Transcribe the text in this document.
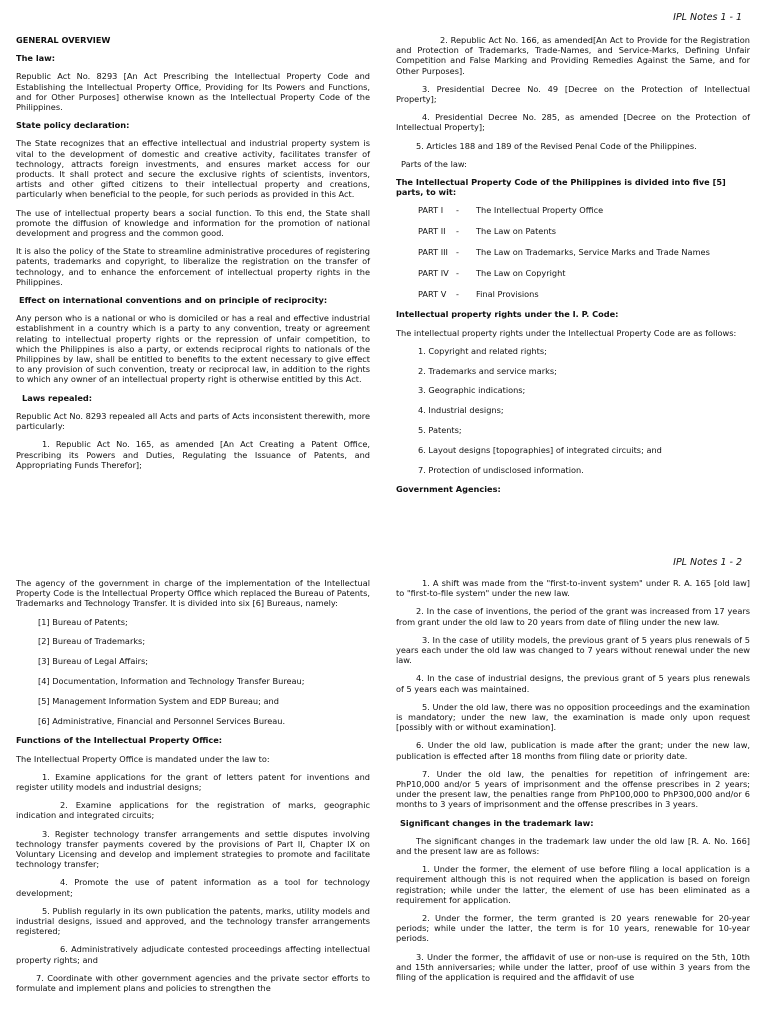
IPL Notes 1 - 1
GENERAL OVERVIEW
The law:

Republic Act No. 8293 [An Act Prescribing the Intellectual Property Code and Establishing the Intellectual Property Office, Providing for Its Powers and Functions, and for Other Purposes] otherwise known as the Intellectual Property Code of the Philippines.

State policy declaration:

The State recognizes that an effective intellectual and industrial property system is vital to the development of domestic and creative activity, facilitates transfer of technology, attracts foreign investments, and ensures market access for our products. It shall protect and secure the exclusive rights of scientists, inventors, artists and other gifted citizens to their intellectual property and creations, particularly when beneficial to the people, for such periods as provided in this Act.

The use of intellectual property bears a social function. To this end, the State shall promote the diffusion of knowledge and information for the promotion of national development and progress and the common good.

It is also the policy of the State to streamline administrative procedures of registering patents, trademarks and copyright, to liberalize the registration on the transfer of technology, and to enhance the enforcement of intellectual property rights in the Philippines.

Effect on international conventions and on principle of reciprocity:

Any person who is a national or who is domiciled or has a real and effective industrial establishment in a country which is a party to any convention, treaty or agreement relating to intellectual property rights or the repression of unfair competition, to which the Philippines is also a party, or extends reciprocal rights to nationals of the Philippines by law, shall be entitled to benefits to the extent necessary to give effect to any provision of such convention, treaty or reciprocal law, in addition to the rights to which any owner of an intellectual property right is otherwise entitled by this Act.

Laws repealed:

Republic Act No. 8293 repealed all Acts and parts of Acts inconsistent therewith, more particularly:

1. Republic Act No. 165, as amended [An Act Creating a Patent Office, Prescribing its Powers and Duties, Regulating the Issuance of Patents, and Appropriating Funds Therefor];

2. Republic Act No. 166, as amended[An Act to Provide for the Registration and Protection of Trademarks, Trade-Names, and Service-Marks, Defining Unfair Competition and False Marking and Providing Remedies Against the Same, and for Other Purposes].

3. Presidential Decree No. 49 [Decree on the Protection of Intellectual Property];

4. Presidential Decree No. 285, as amended [Decree on the Protection of Intellectual Property];

5. Articles 188 and 189 of the Revised Penal Code of the Philippines.

Parts of the law:

The Intellectual Property Code of the Philippines is divided into five [5] parts, to wit:
PART I - The Intellectual Property Office
PART II - The Law on Patents
PART III - The Law on Trademarks, Service Marks and Trade Names
PART IV - The Law on Copyright
PART V -Final Provisions
Intellectual property rights under the I. P. Code:

The intellectual property rights under the Intellectual Property Code are as follows:

1. Copyright and related rights;
2. Trademarks and service marks;
3. Geographic indications;
4. Industrial designs;
5. Patents;
6. Layout designs [topographies] of integrated circuits; and
7. Protection of undisclosed information.
Government Agencies:
IPL Notes 1 - 2

The agency of the government in charge of the implementation of the Intellectual Property Code is the Intellectual Property Office which replaced the Bureau of Patents, Trademarks and Technology Transfer. It is divided into six [6] Bureaus, namely:

[1] Bureau of Patents;
[2] Bureau of Trademarks;
[3] Bureau of Legal Affairs;
[4] Documentation, Information and Technology Transfer Bureau;
[5] Management Information System and EDP Bureau; and
[6] Administrative, Financial and Personnel Services Bureau.
Functions of the Intellectual Property Office:

The Intellectual Property Office is mandated under the law to:

1. Examine applications for the grant of letters patent for inventions and register utility models and industrial designs;

2. Examine applications for the registration of marks, geographic indication and integrated circuits;

3. Register technology transfer arrangements and settle disputes involving technology transfer payments covered by the provisions of Part II, Chapter IX on Voluntary Licensing and develop and implement strategies to promote and facilitate technology transfer;

4. Promote the use of patent information as a tool for technology development;

5. Publish regularly in its own publication the patents, marks, utility models and industrial designs, issued and approved, and the technology transfer arrangements registered;

6. Administratively adjudicate contested proceedings affecting intellectual property rights; and

7. Coordinate with other government agencies and the private sector efforts to formulate and implement plans and policies to strengthen the

1. A shift was made from the "first-to-invent system" under R. A. 165 [old law] to "first-to-file system" under the new law.

2. In the case of inventions, the period of the grant was increased from 17 years from grant under the old law to 20 years from date of filing under the new law.

3. In the case of utility models, the previous grant of 5 years plus renewals of 5 years each under the old law was changed to 7 years without renewal under the new law.

4. In the case of industrial designs, the previous grant of 5 years plus renewals of 5 years each was maintained.

5. Under the old law, there was no opposition proceedings and the examination is mandatory; under the new law, the examination is made only upon request [possibly with or without examination].

6. Under the old law, publication is made after the grant; under the new law, publication is effected after 18 months from filing date or priority date.

7. Under the old law, the penalties for repetition of infringement are: PhP10,000 and/or 5 years of imprisonment and the offense prescribes in 2 years; under the present law, the penalties range from PhP100,000 to PhP300,000 and/or 6 months to 3 years of imprisonment and the offense prescribes in 3 years.

Significant changes in the trademark law:

The significant changes in the trademark law under the old law [R. A. No. 166] and the present law are as follows:

1. Under the former, the element of use before filing a local application is a requirement although this is not required when the application is based on foreign registration; while under the latter, the element of use has been eliminated as a requirement for application.

2. Under the former, the term granted is 20 years renewable for 20-year periods; while under the latter, the term is for 10 years, renewable for 10-year periods.

3. Under the former, the affidavit of use or non-use is required on the 5th, 10th and 15th anniversaries; while under the latter, proof of use within 3 years from the filing of the application is required and the affidavit of use
